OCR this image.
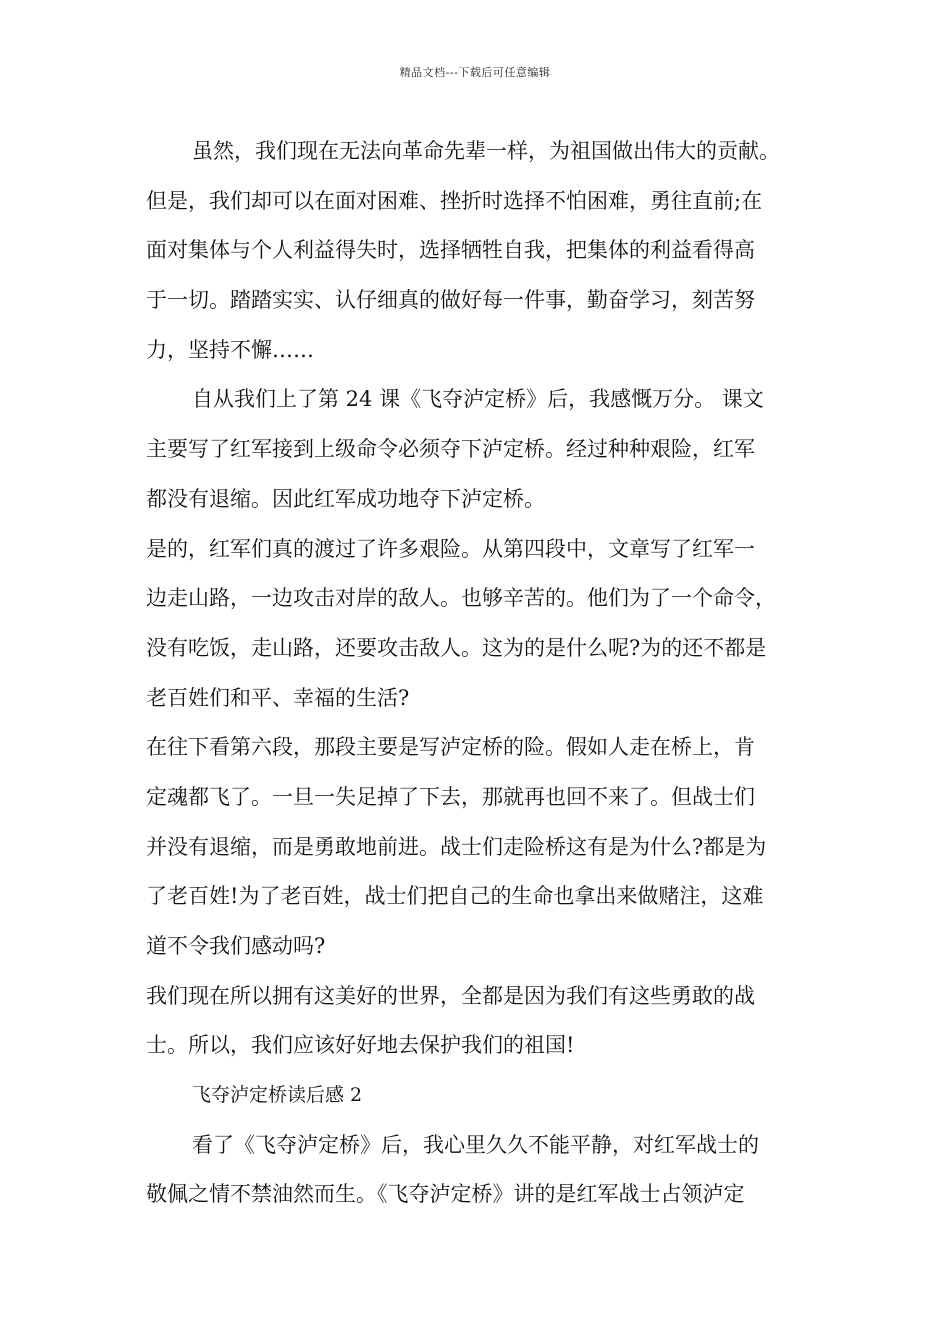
精品文档---下载后可任意编辑
虽然，我们现在无法向革命先辈一样，为祖国做出伟大的贡献。
但是，我们却可以在面对困难、挫折时选择不怕困难，勇往直前;在
面对集体与个人利益得失时，选择牺牲自我，把集体的利益看得高
于一切。踏踏实实、认仔细真的做好每一件事，勤奋学习，刻苦努
力，坚持不懈……
自从我们上了第 24 课《飞夺泸定桥》后，我感慨万分。 课文
主要写了红军接到上级命令必须夺下泸定桥。经过种种艰险，红军
都没有退缩。因此红军成功地夺下泸定桥。
是的，红军们真的渡过了许多艰险。从第四段中，文章写了红军一
边走山路，一边攻击对岸的敌人。也够辛苦的。他们为了一个命令，
没有吃饭，走山路，还要攻击敌人。这为的是什么呢?为的还不都是
老百姓们和平、幸福的生活?
在往下看第六段，那段主要是写泸定桥的险。假如人走在桥上，肯
定魂都飞了。一旦一失足掉了下去，那就再也回不来了。但战士们
并没有退缩，而是勇敢地前进。战士们走险桥这有是为什么?都是为
了老百姓!为了老百姓，战士们把自己的生命也拿出来做赌注，这难
道不令我们感动吗?
我们现在所以拥有这美好的世界，全都是因为我们有这些勇敢的战
士。所以，我们应该好好地去保护我们的祖国!
飞夺泸定桥读后感 2
看了《飞夺泸定桥》后，我心里久久不能平静，对红军战士的
敬佩之情不禁油然而生。《飞夺泸定桥》讲的是红军战士占领泸定
